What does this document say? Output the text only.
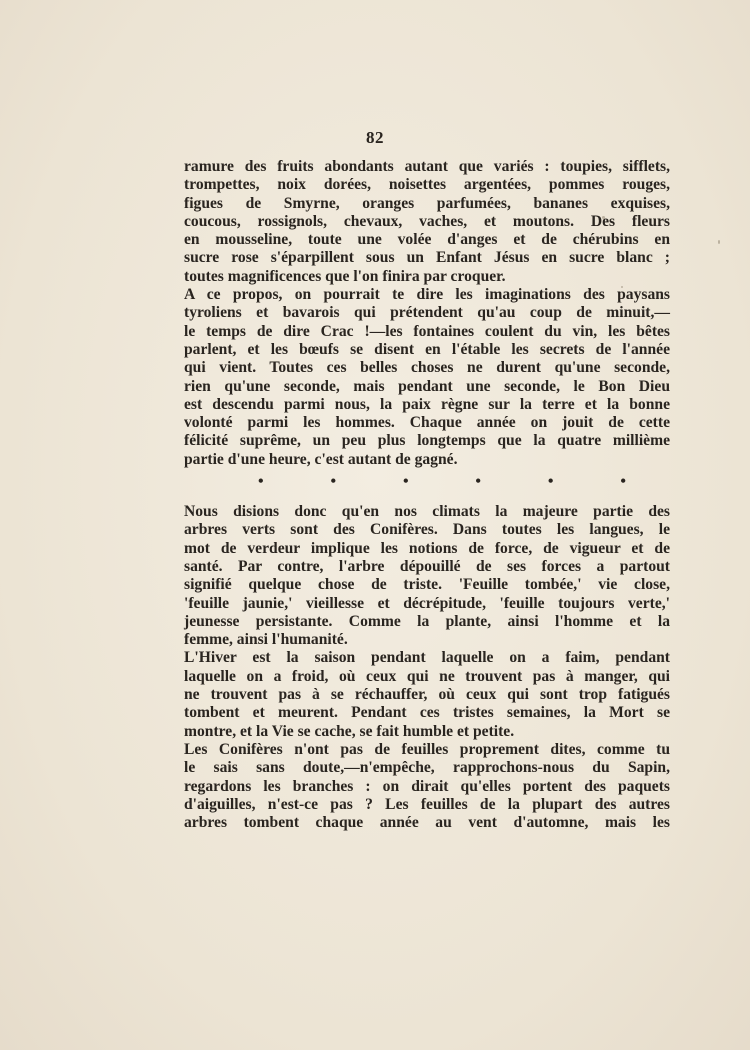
82

ramure des fruits abondants autant que variés : toupies, sifflets,
trompettes, noix dorées, noisettes argentées, pommes rouges,
figues de Smyrne, oranges parfumées, bananes exquises,
coucous, rossignols, chevaux, vaches, et moutons. Des fleurs
en mousseline, toute une volée d'anges et de chérubins en
sucre rose s'éparpillent sous un Enfant Jésus en sucre blanc ;
toutes magnificences que l'on finira par croquer.

A ce propos, on pourrait te dire les imaginations des paysans
tyroliens et bavarois qui prétendent qu'au coup de minuit,—
le temps de dire Crac !—les fontaines coulent du vin, les bêtes
parlent, et les bœufs se disent en l'étable les secrets de l'année
qui vient. Toutes ces belles choses ne durent qu'une seconde,
rien qu'une seconde, mais pendant une seconde, le Bon Dieu
est descendu parmi nous, la paix règne sur la terre et la bonne
volonté parmi les hommes. Chaque année on jouit de cette
félicité suprême, un peu plus longtemps que la quatre millième
partie d'une heure, c'est autant de gagné.

•	•	•	•	•	•

Nous disions donc qu'en nos climats la majeure partie des
arbres verts sont des Conifères. Dans toutes les langues, le
mot de verdeur implique les notions de force, de vigueur et de
santé. Par contre, l'arbre dépouillé de ses forces a partout
signifié quelque chose de triste. 'Feuille tombée,' vie close,
'feuille jaunie,' vieillesse et décrépitude, 'feuille toujours verte,'
jeunesse persistante. Comme la plante, ainsi l'homme et la
femme, ainsi l'humanité.

L'Hiver est la saison pendant laquelle on a faim, pendant
laquelle on a froid, où ceux qui ne trouvent pas à manger, qui
ne trouvent pas à se réchauffer, où ceux qui sont trop fatigués
tombent et meurent. Pendant ces tristes semaines, la Mort se
montre, et la Vie se cache, se fait humble et petite.

Les Conifères n'ont pas de feuilles proprement dites, comme tu
le sais sans doute,—n'empêche, rapprochons-nous du Sapin,
regardons les branches : on dirait qu'elles portent des paquets
d'aiguilles, n'est-ce pas ? Les feuilles de la plupart des autres
arbres tombent chaque année au vent d'automne, mais les
